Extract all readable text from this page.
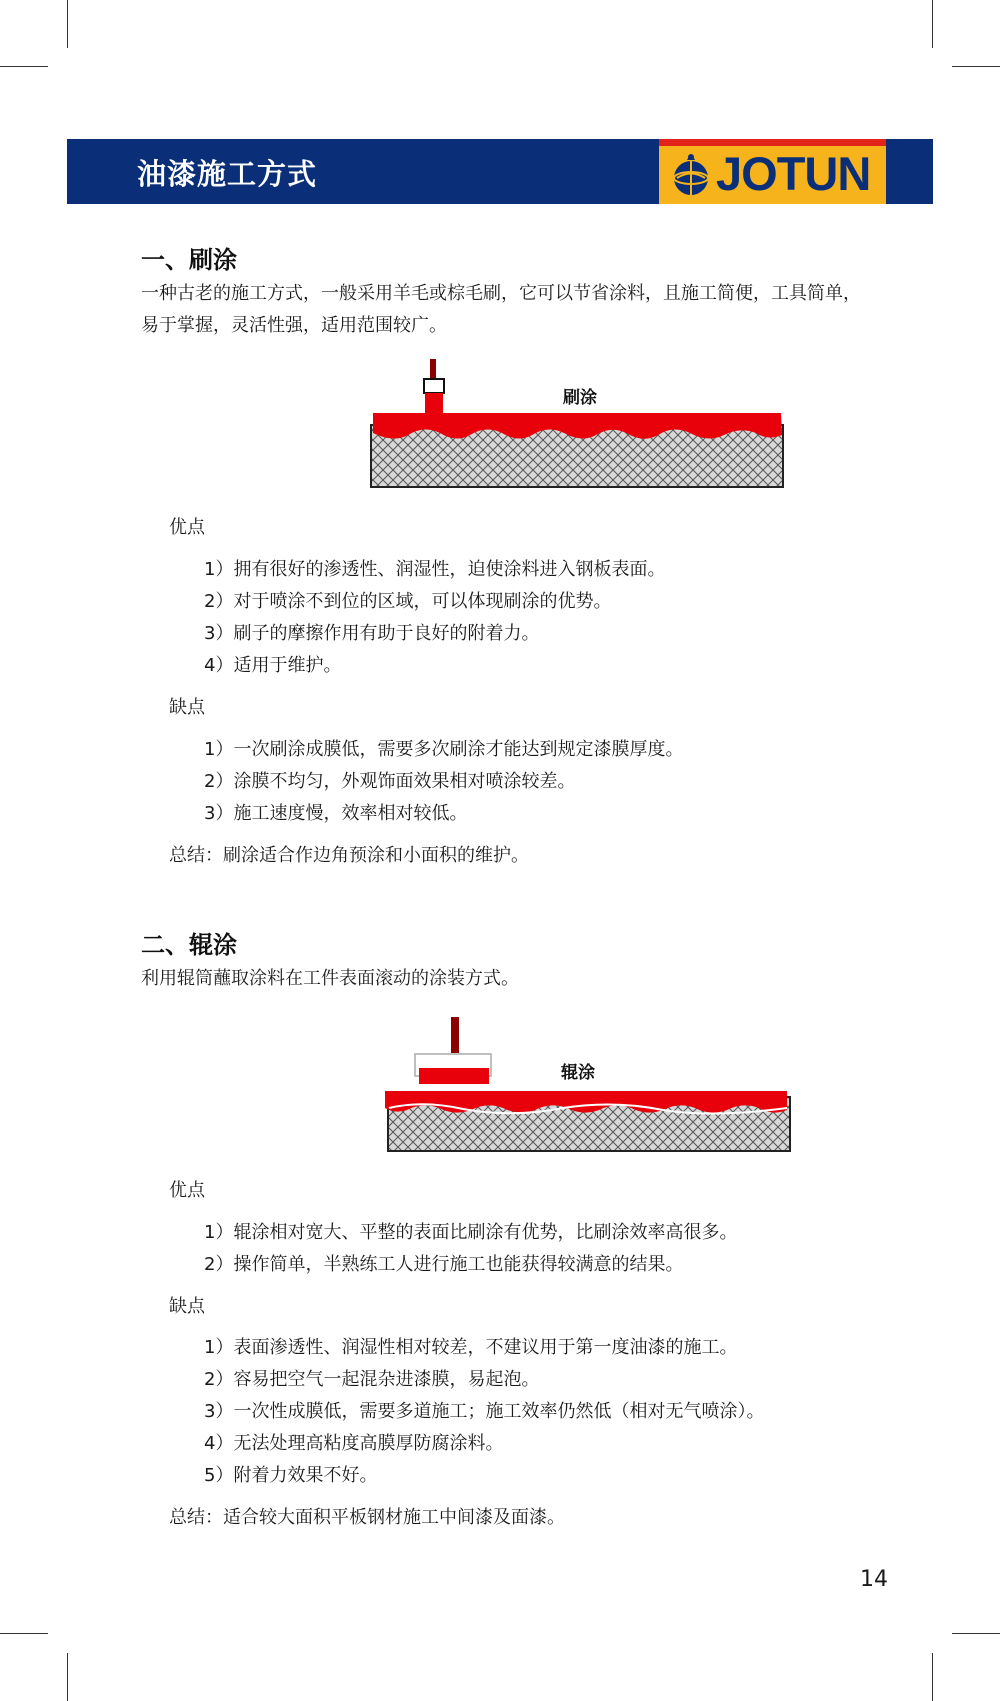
油漆施工方式	JOTUN
一、刷涂
一种古老的施工方式，一般采用羊毛或棕毛刷，它可以节省涂料，且施工简便，工具简单，
易于掌握，灵活性强，适用范围较广。
刷涂
优点
1）拥有很好的渗透性、润湿性，迫使涂料进入钢板表面。
2）对于喷涂不到位的区域，可以体现刷涂的优势。
3）刷子的摩擦作用有助于良好的附着力。
4）适用于维护。
缺点
1）一次刷涂成膜低，需要多次刷涂才能达到规定漆膜厚度。
2）涂膜不均匀，外观饰面效果相对喷涂较差。
3）施工速度慢，效率相对较低。
总结：刷涂适合作边角预涂和小面积的维护。
二、辊涂
利用辊筒蘸取涂料在工件表面滚动的涂装方式。
辊涂
优点
1）辊涂相对宽大、平整的表面比刷涂有优势，比刷涂效率高很多。
2）操作简单，半熟练工人进行施工也能获得较满意的结果。
缺点
1）表面渗透性、润湿性相对较差，不建议用于第一度油漆的施工。
2）容易把空气一起混杂进漆膜，易起泡。
3）一次性成膜低，需要多道施工；施工效率仍然低（相对无气喷涂）。
4）无法处理高粘度高膜厚防腐涂料。
5）附着力效果不好。
总结：适合较大面积平板钢材施工中间漆及面漆。
14
